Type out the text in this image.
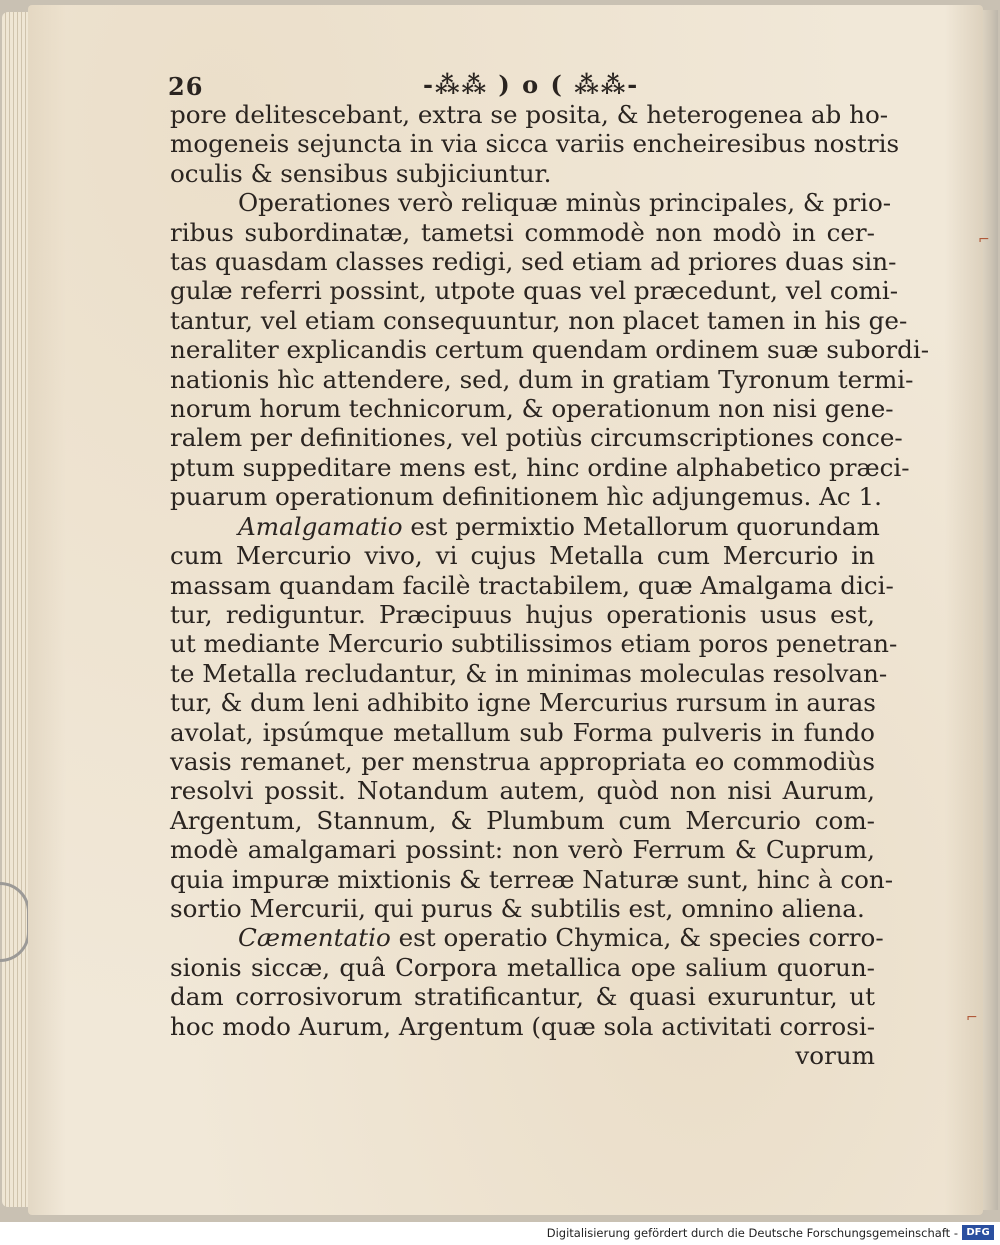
⌐
⌐
26	-⁂⁂ ) o ( ⁂⁂-
pore delitescebant, extra se posita, & heterogenea ab ho-
mogeneis sejuncta in via sicca variis encheiresibus nostris
oculis & sensibus subjiciuntur.
Operationes verò reliquæ minùs principales, & prio-
ribus subordinatæ, tametsi commodè non modò in cer-
tas quasdam classes redigi, sed etiam ad priores duas sin-
gulæ referri possint, utpote quas vel præcedunt, vel comi-
tantur, vel etiam consequuntur, non placet tamen in his ge-
neraliter explicandis certum quendam ordinem suæ subordi-
nationis hìc attendere, sed, dum in gratiam Tyronum termi-
norum horum technicorum, & operationum non nisi gene-
ralem per definitiones, vel potiùs circumscriptiones conce-
ptum suppeditare mens est, hinc ordine alphabetico præci-
puarum operationum definitionem hìc adjungemus. Ac 1.
Amalgamatio est permixtio Metallorum quorundam
cum Mercurio vivo, vi cujus Metalla cum Mercurio in
massam quandam facilè tractabilem, quæ Amalgama dici-
tur, rediguntur. Præcipuus hujus operationis usus est,
ut mediante Mercurio subtilissimos etiam poros penetran-
te Metalla recludantur, & in minimas moleculas resolvan-
tur, & dum leni adhibito igne Mercurius rursum in auras
avolat, ipsúmque metallum sub Forma pulveris in fundo
vasis remanet, per menstrua appropriata eo commodiùs
resolvi possit. Notandum autem, quòd non nisi Aurum,
Argentum, Stannum, & Plumbum cum Mercurio com-
modè amalgamari possint: non verò Ferrum & Cuprum,
quia impuræ mixtionis & terreæ Naturæ sunt, hinc à con-
sortio Mercurii, qui purus & subtilis est, omnino aliena.
Cæmentatio est operatio Chymica, & species corro-
sionis siccæ, quâ Corpora metallica ope salium quorun-
dam corrosivorum stratificantur, & quasi exuruntur, ut
hoc modo Aurum, Argentum (quæ sola activitati corrosi-
vorum
Digitalisierung gefördert durch die Deutsche Forschungsgemeinschaft - DFG
